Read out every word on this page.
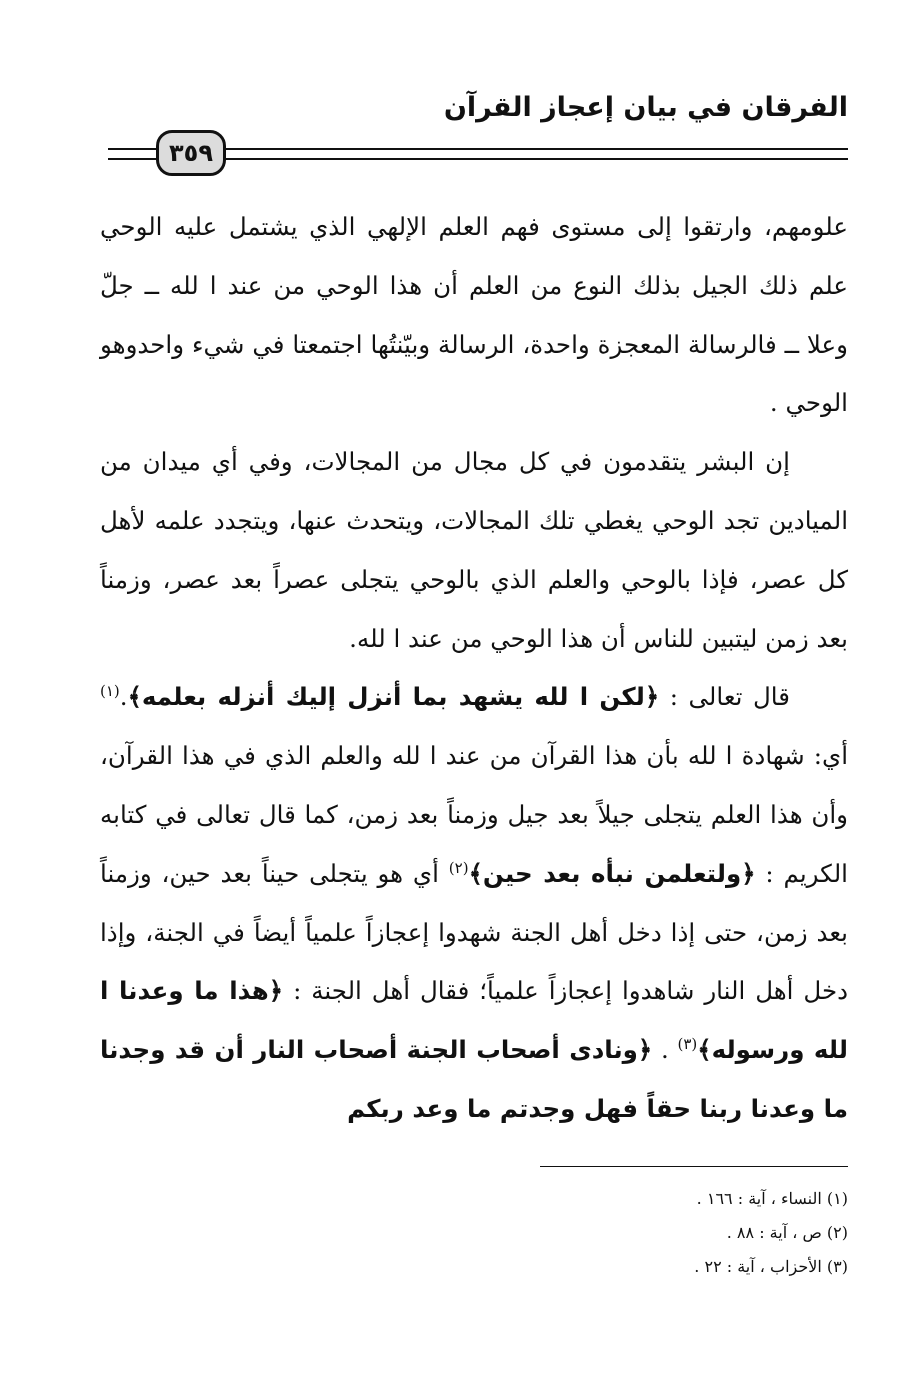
الفرقان في بيان إعجاز القرآن
٣٥٩

علومهم، وارتقوا إلى مستوى فهم العلم الإلهي الذي يشتمل عليه الوحي علم ذلك الجيل بذلك النوع من العلم أن هذا الوحي من عند ا لله ــ جلّ وعلا ــ فالرسالة المعجزة واحدة، الرسالة وبيّنتُها اجتمعتا في شيء واحدوهو الوحي .

إن البشر يتقدمون في كل مجال من المجالات، وفي أي ميدان من الميادين تجد الوحي يغطي تلك المجالات، ويتحدث عنها، ويتجدد علمه لأهل كل عصر، فإذا بالوحي والعلم الذي بالوحي يتجلى عصراً بعد عصر، وزمناً بعد زمن ليتبين للناس أن هذا الوحي من عند ا لله.

قال تعالى : ﴿لكن ا لله يشهد بما أنزل إليك أنزله بعلمه﴾.$^{(١)}$ أي: شهادة ا لله بأن هذا القرآن من عند ا لله والعلم الذي في هذا القرآن، وأن هذا العلم يتجلى جيلاً بعد جيل وزمناً بعد زمن، كما قال تعالى في كتابه الكريم : ﴿ولتعلمن نبأه بعد حين﴾$^{(٢)}$ أي هو يتجلى حيناً بعد حين، وزمناً بعد زمن، حتى إذا دخل أهل الجنة شهدوا إعجازاً علمياً أيضاً في الجنة، وإذا دخل أهل النار شاهدوا إعجازاً علمياً؛ فقال أهل الجنة : ﴿هذا ما وعدنا ا لله ورسوله﴾$^{(٣)}$ . ﴿ونادى أصحاب الجنة أصحاب النار أن قد وجدنا ما وعدنا ربنا حقاً فهل وجدتم ما وعد ربكم

(١) النساء ، آية : ١٦٦ .
(٢) ص ، آية : ٨٨ .
(٣) الأحزاب ، آية : ٢٢ .
